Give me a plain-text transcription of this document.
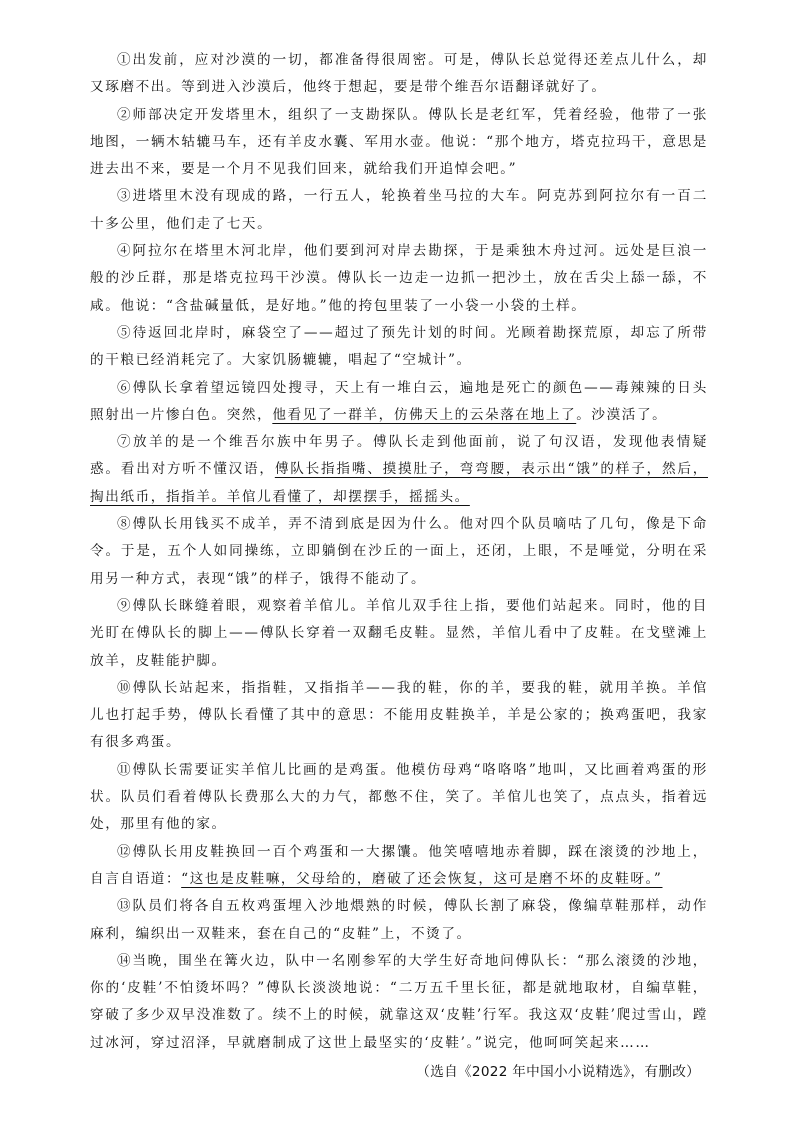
①出发前，应对沙漠的一切，都准备得很周密。可是，傅队长总觉得还差点儿什么，却又琢磨不出。等到进入沙漠后，他终于想起，要是带个维吾尔语翻译就好了。

②师部决定开发塔里木，组织了一支勘探队。傅队长是老红军，凭着经验，他带了一张地图，一辆木轱辘马车，还有羊皮水囊、军用水壶。他说：“那个地方，塔克拉玛干，意思是进去出不来，要是一个月不见我们回来，就给我们开追悼会吧。”

③进塔里木没有现成的路，一行五人，轮换着坐马拉的大车。阿克苏到阿拉尔有一百二十多公里，他们走了七天。

④阿拉尔在塔里木河北岸，他们要到河对岸去勘探，于是乘独木舟过河。远处是巨浪一般的沙丘群，那是塔克拉玛干沙漠。傅队长一边走一边抓一把沙土，放在舌尖上舔一舔，不咸。他说：“含盐碱量低，是好地。”他的挎包里装了一小袋一小袋的土样。

⑤待返回北岸时，麻袋空了——超过了预先计划的时间。光顾着勘探荒原，却忘了所带的干粮已经消耗完了。大家饥肠辘辘，唱起了“空城计”。

⑥傅队长拿着望远镜四处搜寻，天上有一堆白云，遍地是死亡的颜色——毒辣辣的日头照射出一片惨白色。突然，他看见了一群羊，仿佛天上的云朵落在地上了。沙漠活了。

⑦放羊的是一个维吾尔族中年男子。傅队长走到他面前，说了句汉语，发现他表情疑惑。看出对方听不懂汉语，傅队长指指嘴、摸摸肚子，弯弯腰，表示出“饿”的样子，然后，掏出纸币，指指羊。羊倌儿看懂了，却摆摆手，摇摇头。

⑧傅队长用钱买不成羊，弄不清到底是因为什么。他对四个队员嘀咕了几句，像是下命令。于是，五个人如同操练，立即躺倒在沙丘的一面上，还闭，上眼，不是唾觉，分明在采用另一种方式，表现“饿”的样子，饿得不能动了。

⑨傅队长眯缝着眼，观察着羊倌儿。羊倌儿双手往上指，要他们站起来。同时，他的目光盯在傅队长的脚上——傅队长穿着一双翻毛皮鞋。显然，羊倌儿看中了皮鞋。在戈壁滩上放羊，皮鞋能护脚。

⑩傅队长站起来，指指鞋，又指指羊——我的鞋，你的羊，要我的鞋，就用羊换。羊倌儿也打起手势，傅队长看懂了其中的意思：不能用皮鞋换羊，羊是公家的；换鸡蛋吧，我家有很多鸡蛋。

⑪傅队长需要证实羊倌儿比画的是鸡蛋。他模仿母鸡“咯咯咯”地叫，又比画着鸡蛋的形状。队员们看着傅队长费那么大的力气，都憋不住，笑了。羊倌儿也笑了，点点头，指着远处，那里有他的家。

⑫傅队长用皮鞋换回一百个鸡蛋和一大摞馕。他笑嘻嘻地赤着脚，踩在滚烫的沙地上，自言自语道：“这也是皮鞋嘛，父母给的，磨破了还会恢复，这可是磨不坏的皮鞋呀。”

⑬队员们将各自五枚鸡蛋埋入沙地煨熟的时候，傅队长割了麻袋，像编草鞋那样，动作麻利，编织出一双鞋来，套在自己的“皮鞋”上，不烫了。

⑭当晚，围坐在篝火边，队中一名刚参军的大学生好奇地问傅队长：“那么滚烫的沙地，你的‘皮鞋’不怕烫坏吗？”傅队长淡淡地说：“二万五千里长征，都是就地取材，自编草鞋，穿破了多少双早没准数了。续不上的时候，就靠这双‘皮鞋’行军。我这双‘皮鞋’爬过雪山，蹚过冰河，穿过沼泽，早就磨制成了这世上最坚实的‘皮鞋’。”说完，他呵呵笑起来……

（选自《2022 年中国小小说精选》，有删改）
